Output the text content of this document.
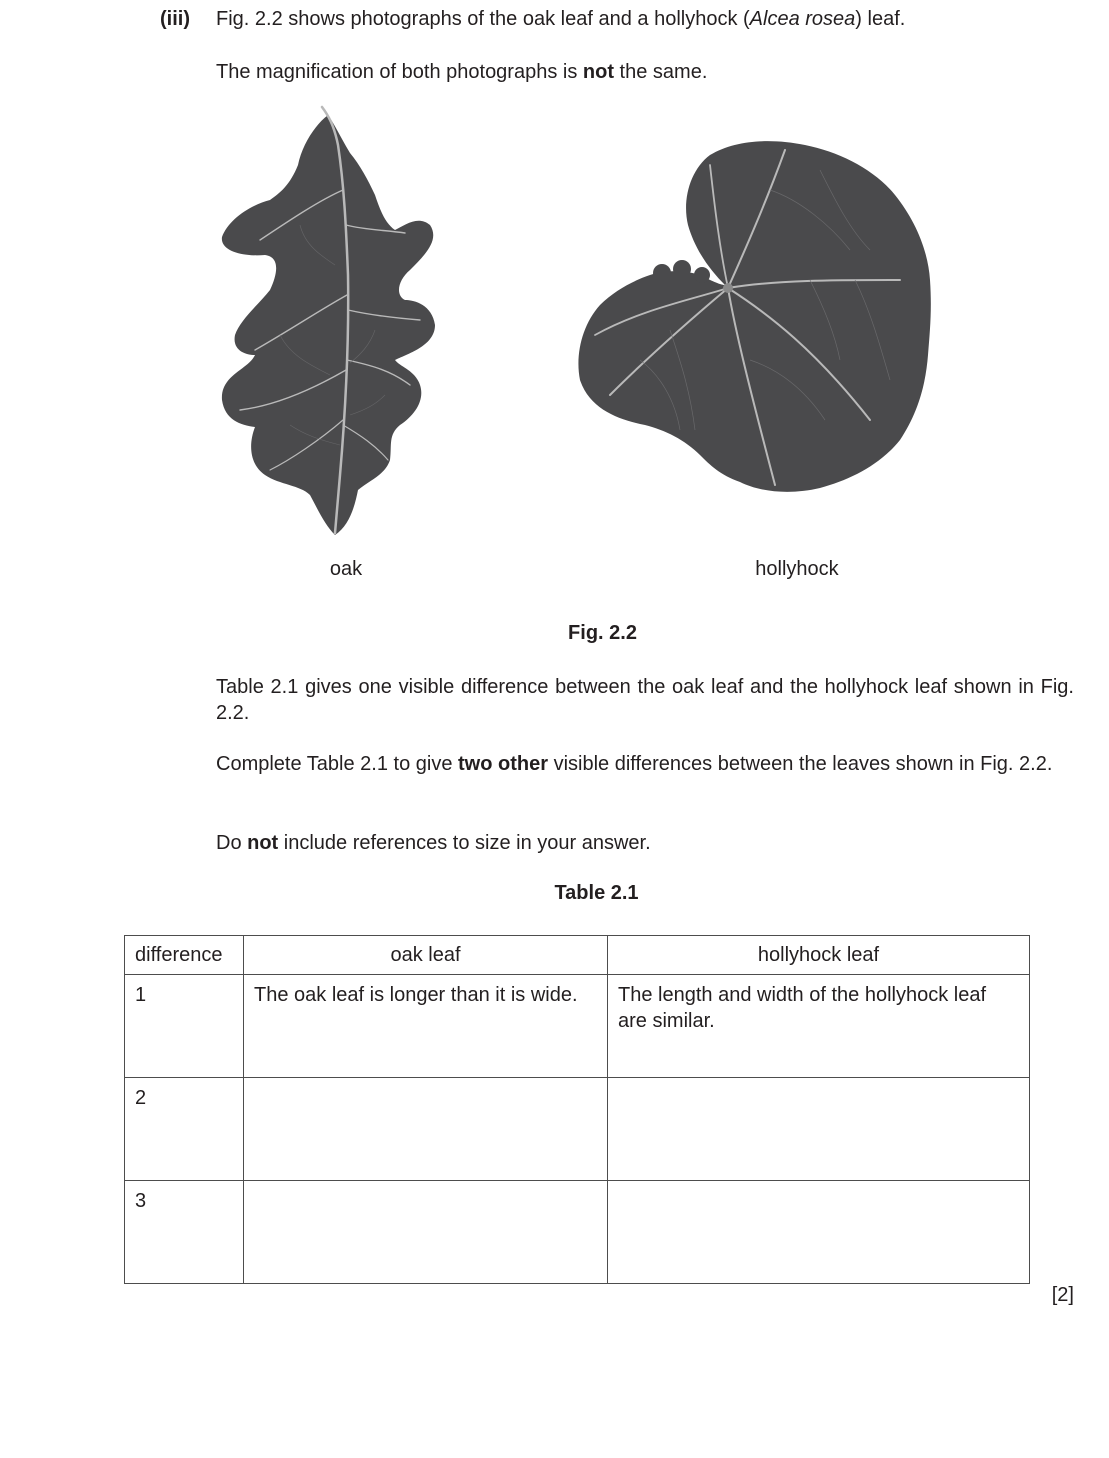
(iii) Fig. 2.2 shows photographs of the oak leaf and a hollyhock (Alcea rosea) leaf.
The magnification of both photographs is not the same.
oak	hollyhock
Fig. 2.2
Table 2.1 gives one visible difference between the oak leaf and the hollyhock leaf shown in Fig. 2.2.
Complete Table 2.1 to give two other visible differences between the leaves shown in Fig. 2.2.
Do not include references to size in your answer.
Table 2.1
difference	oak leaf	hollyhock leaf
1	The oak leaf is longer than it is wide.	The length and width of the hollyhock leaf are similar.
2		
3		
[2]
